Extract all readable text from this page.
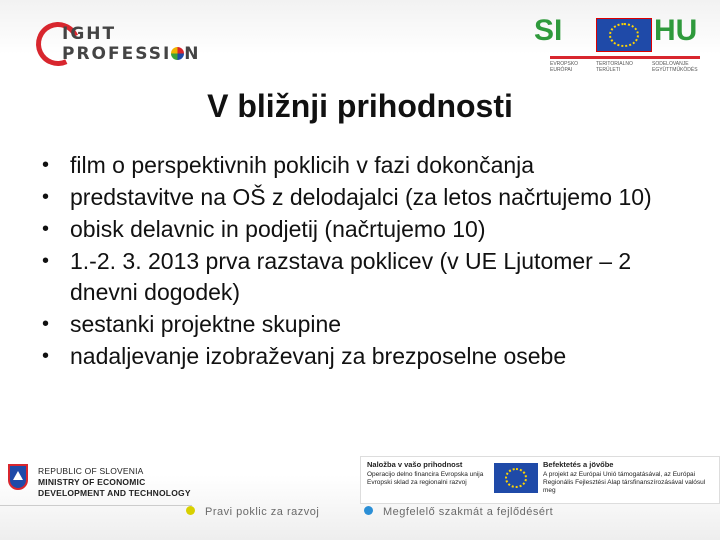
IGHT
PROFESSI N
SI	HU
EVROPSKO EURÓPAI
TERITORIALNO TERÜLETI
SODELOVANJE EGYÜTTMŰKÖDÉS
V bližnji prihodnosti
• film o perspektivnih poklicih v fazi dokončanja
• predstavitve na OŠ z delodajalci (za letos načrtujemo 10)
• obisk delavnic in podjetij (načrtujemo 10)
• 1.-2. 3. 2013 prva razstava poklicev (v UE Ljutomer – 2 dnevni dogodek)
• sestanki projektne skupine
• nadaljevanje izobraževanj za brezposelne osebe
REPUBLIC OF SLOVENIA
MINISTRY OF ECONOMIC
DEVELOPMENT AND TECHNOLOGY
Naložba v vašo prihodnost
Operacijo delno financira Evropska unija Evropski sklad za regionalni razvoj
Befektetés a jövőbe
A projekt az Európai Unió támogatásával, az Európai Regionális Fejlesztési Alap társfinanszírozásával valósul meg
Pravi poklic za razvoj	Megfelelő szakmát a fejlődésért
